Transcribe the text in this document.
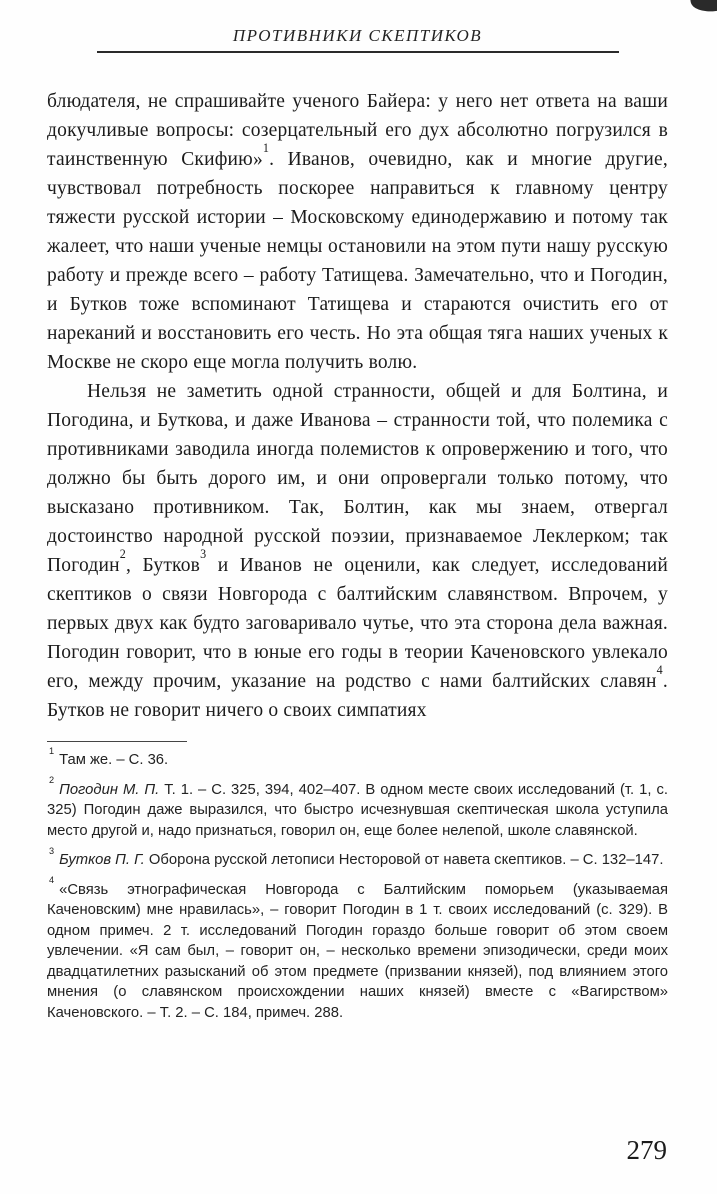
ПРОТИВНИКИ СКЕПТИКОВ

блюдателя, не спрашивайте ученого Байера: у него нет ответа на ваши докучливые вопросы: созерцательный его дух абсолютно погрузился в таинственную Скифию»$^1$. Иванов, очевидно, как и многие другие, чувствовал потребность поскорее направиться к главному центру тяжести русской истории – Московскому единодержавию и потому так жалеет, что наши ученые немцы остановили на этом пути нашу русскую работу и прежде всего – работу Татищева. Замечательно, что и Погодин, и Бутков тоже вспоминают Татищева и стараются очистить его от нареканий и восстановить его честь. Но эта общая тяга наших ученых к Москве не скоро еще могла получить волю.

Нельзя не заметить одной странности, общей и для Болтина, и Погодина, и Буткова, и даже Иванова – странности той, что полемика с противниками заводила иногда полемистов к опровержению и того, что должно бы быть дорого им, и они опровергали только потому, что высказано противником. Так, Болтин, как мы знаем, отвергал достоинство народной русской поэзии, признаваемое Леклерком; так Погодин$^2$, Бутков$^3$ и Иванов не оценили, как следует, исследований скептиков о связи Новгорода с балтийским славянством. Впрочем, у первых двух как будто заговаривало чутье, что эта сторона дела важная. Погодин говорит, что в юные его годы в теории Каченовского увлекало его, между прочим, указание на родство с нами балтийских славян$^4$. Бутков не говорит ничего о своих симпатиях

$^1$Там же. – С. 36.

$^2$Погодин М. П. Т. 1. – С. 325, 394, 402–407. В одном месте своих исследований (т. 1, с. 325) Погодин даже выразился, что быстро исчезнувшая скептическая школа уступила место другой и, надо признаться, говорил он, еще более нелепой, школе славянской.

$^3$Бутков П. Г. Оборона русской летописи Несторовой от навета скептиков. – С. 132–147.

$^4$«Связь этнографическая Новгорода с Балтийским поморьем (указываемая Каченовским) мне нравилась», – говорит Погодин в 1 т. своих исследований (с. 329). В одном примеч. 2 т. исследований Погодин гораздо больше говорит об этом своем увлечении. «Я сам был, – говорит он, – несколько времени эпизодически, среди моих двадцатилетних разысканий об этом предмете (призвании князей), под влиянием этого мнения (о славянском происхождении наших князей) вместе с «Вагирством» Каченовского. – Т. 2. – С. 184, примеч. 288.

279
